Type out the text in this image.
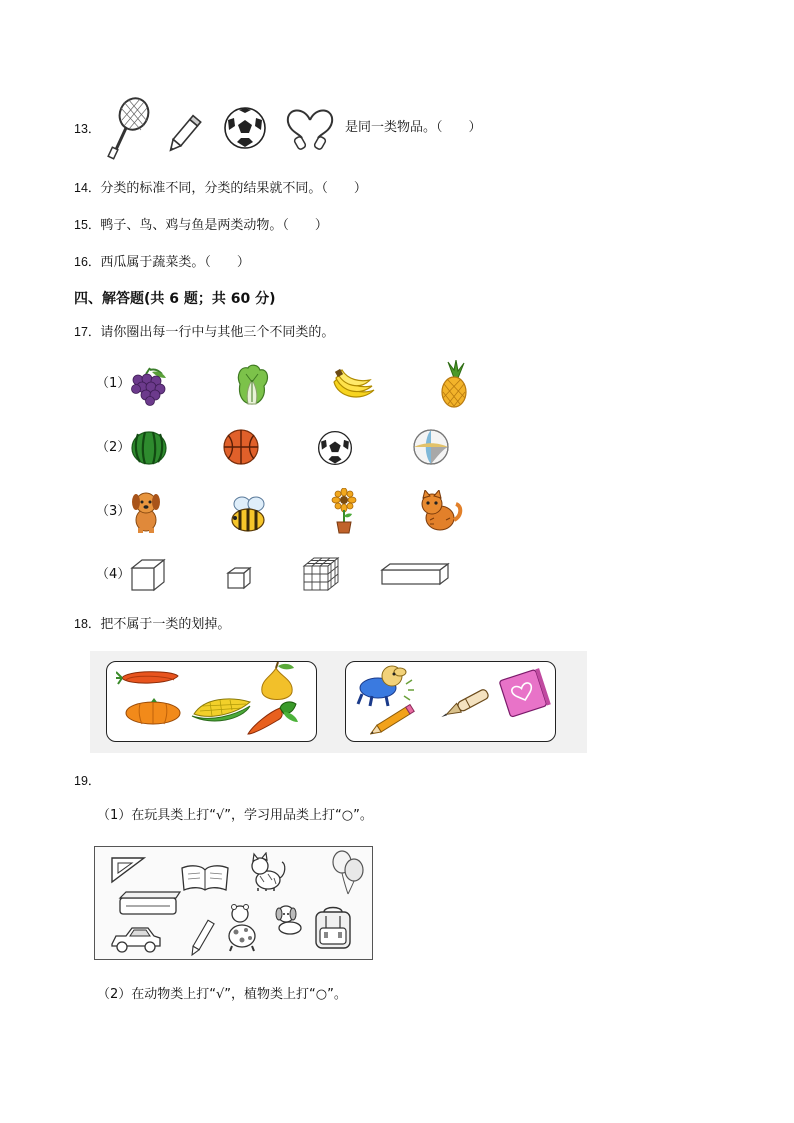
13．	是同一类物品。（　　）
14．分类的标准不同，分类的结果就不同。（　　）
15．鸭子、鸟、鸡与鱼是两类动物。（　　）
16．西瓜属于蔬菜类。（　　）
四、解答题(共 6 题；共 60 分)
17．请你圈出每一行中与其他三个不同类的。
（1）
（2）
（3）
（4）
18．把不属于一类的划掉。
19．
（1）在玩具类上打“√”，学习用品类上打“○”。
（2）在动物类上打“√”，植物类上打“○”。
